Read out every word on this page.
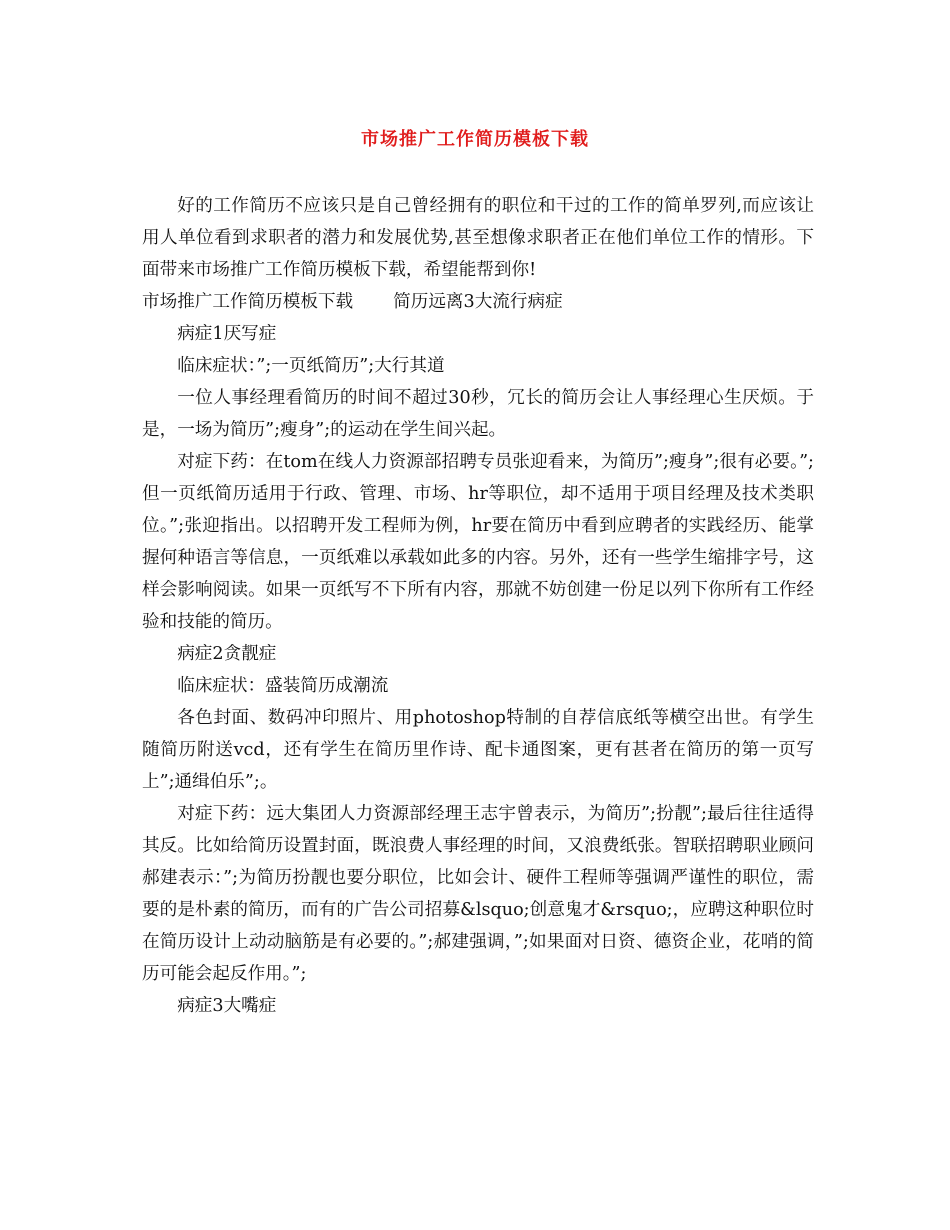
市场推广工作简历模板下载

好的工作简历不应该只是自己曾经拥有的职位和干过的工作的简单罗列,而应该让用人单位看到求职者的潜力和发展优势,甚至想像求职者正在他们单位工作的情形。下面带来市场推广工作简历模板下载，希望能帮到你!

市场推广工作简历模板下载 简历远离3大流行病症

病症1厌写症

临床症状：”;一页纸简历”;大行其道

一位人事经理看简历的时间不超过30秒，冗长的简历会让人事经理心生厌烦。于是，一场为简历”;瘦身”;的运动在学生间兴起。

对症下药：在tom在线人力资源部招聘专员张迎看来，为简历”;瘦身”;很有必要。”;但一页纸简历适用于行政、管理、市场、hr等职位，却不适用于项目经理及技术类职位。”;张迎指出。以招聘开发工程师为例，hr要在简历中看到应聘者的实践经历、能掌握何种语言等信息，一页纸难以承载如此多的内容。另外，还有一些学生缩排字号，这样会影响阅读。如果一页纸写不下所有内容，那就不妨创建一份足以列下你所有工作经验和技能的简历。

病症2贪靓症

临床症状：盛装简历成潮流

各色封面、数码冲印照片、用photoshop特制的自荐信底纸等横空出世。有学生随简历附送vcd，还有学生在简历里作诗、配卡通图案，更有甚者在简历的第一页写上”;通缉伯乐”;。

对症下药：远大集团人力资源部经理王志宇曾表示，为简历”;扮靓”;最后往往适得其反。比如给简历设置封面，既浪费人事经理的时间，又浪费纸张。智联招聘职业顾问郝建表示：”;为简历扮靓也要分职位，比如会计、硬件工程师等强调严谨性的职位，需要的是朴素的简历，而有的广告公司招募&lsquo;创意鬼才&rsquo;，应聘这种职位时在简历设计上动动脑筋是有必要的。”;郝建强调，”;如果面对日资、德资企业，花哨的简历可能会起反作用。”;

病症3大嘴症
